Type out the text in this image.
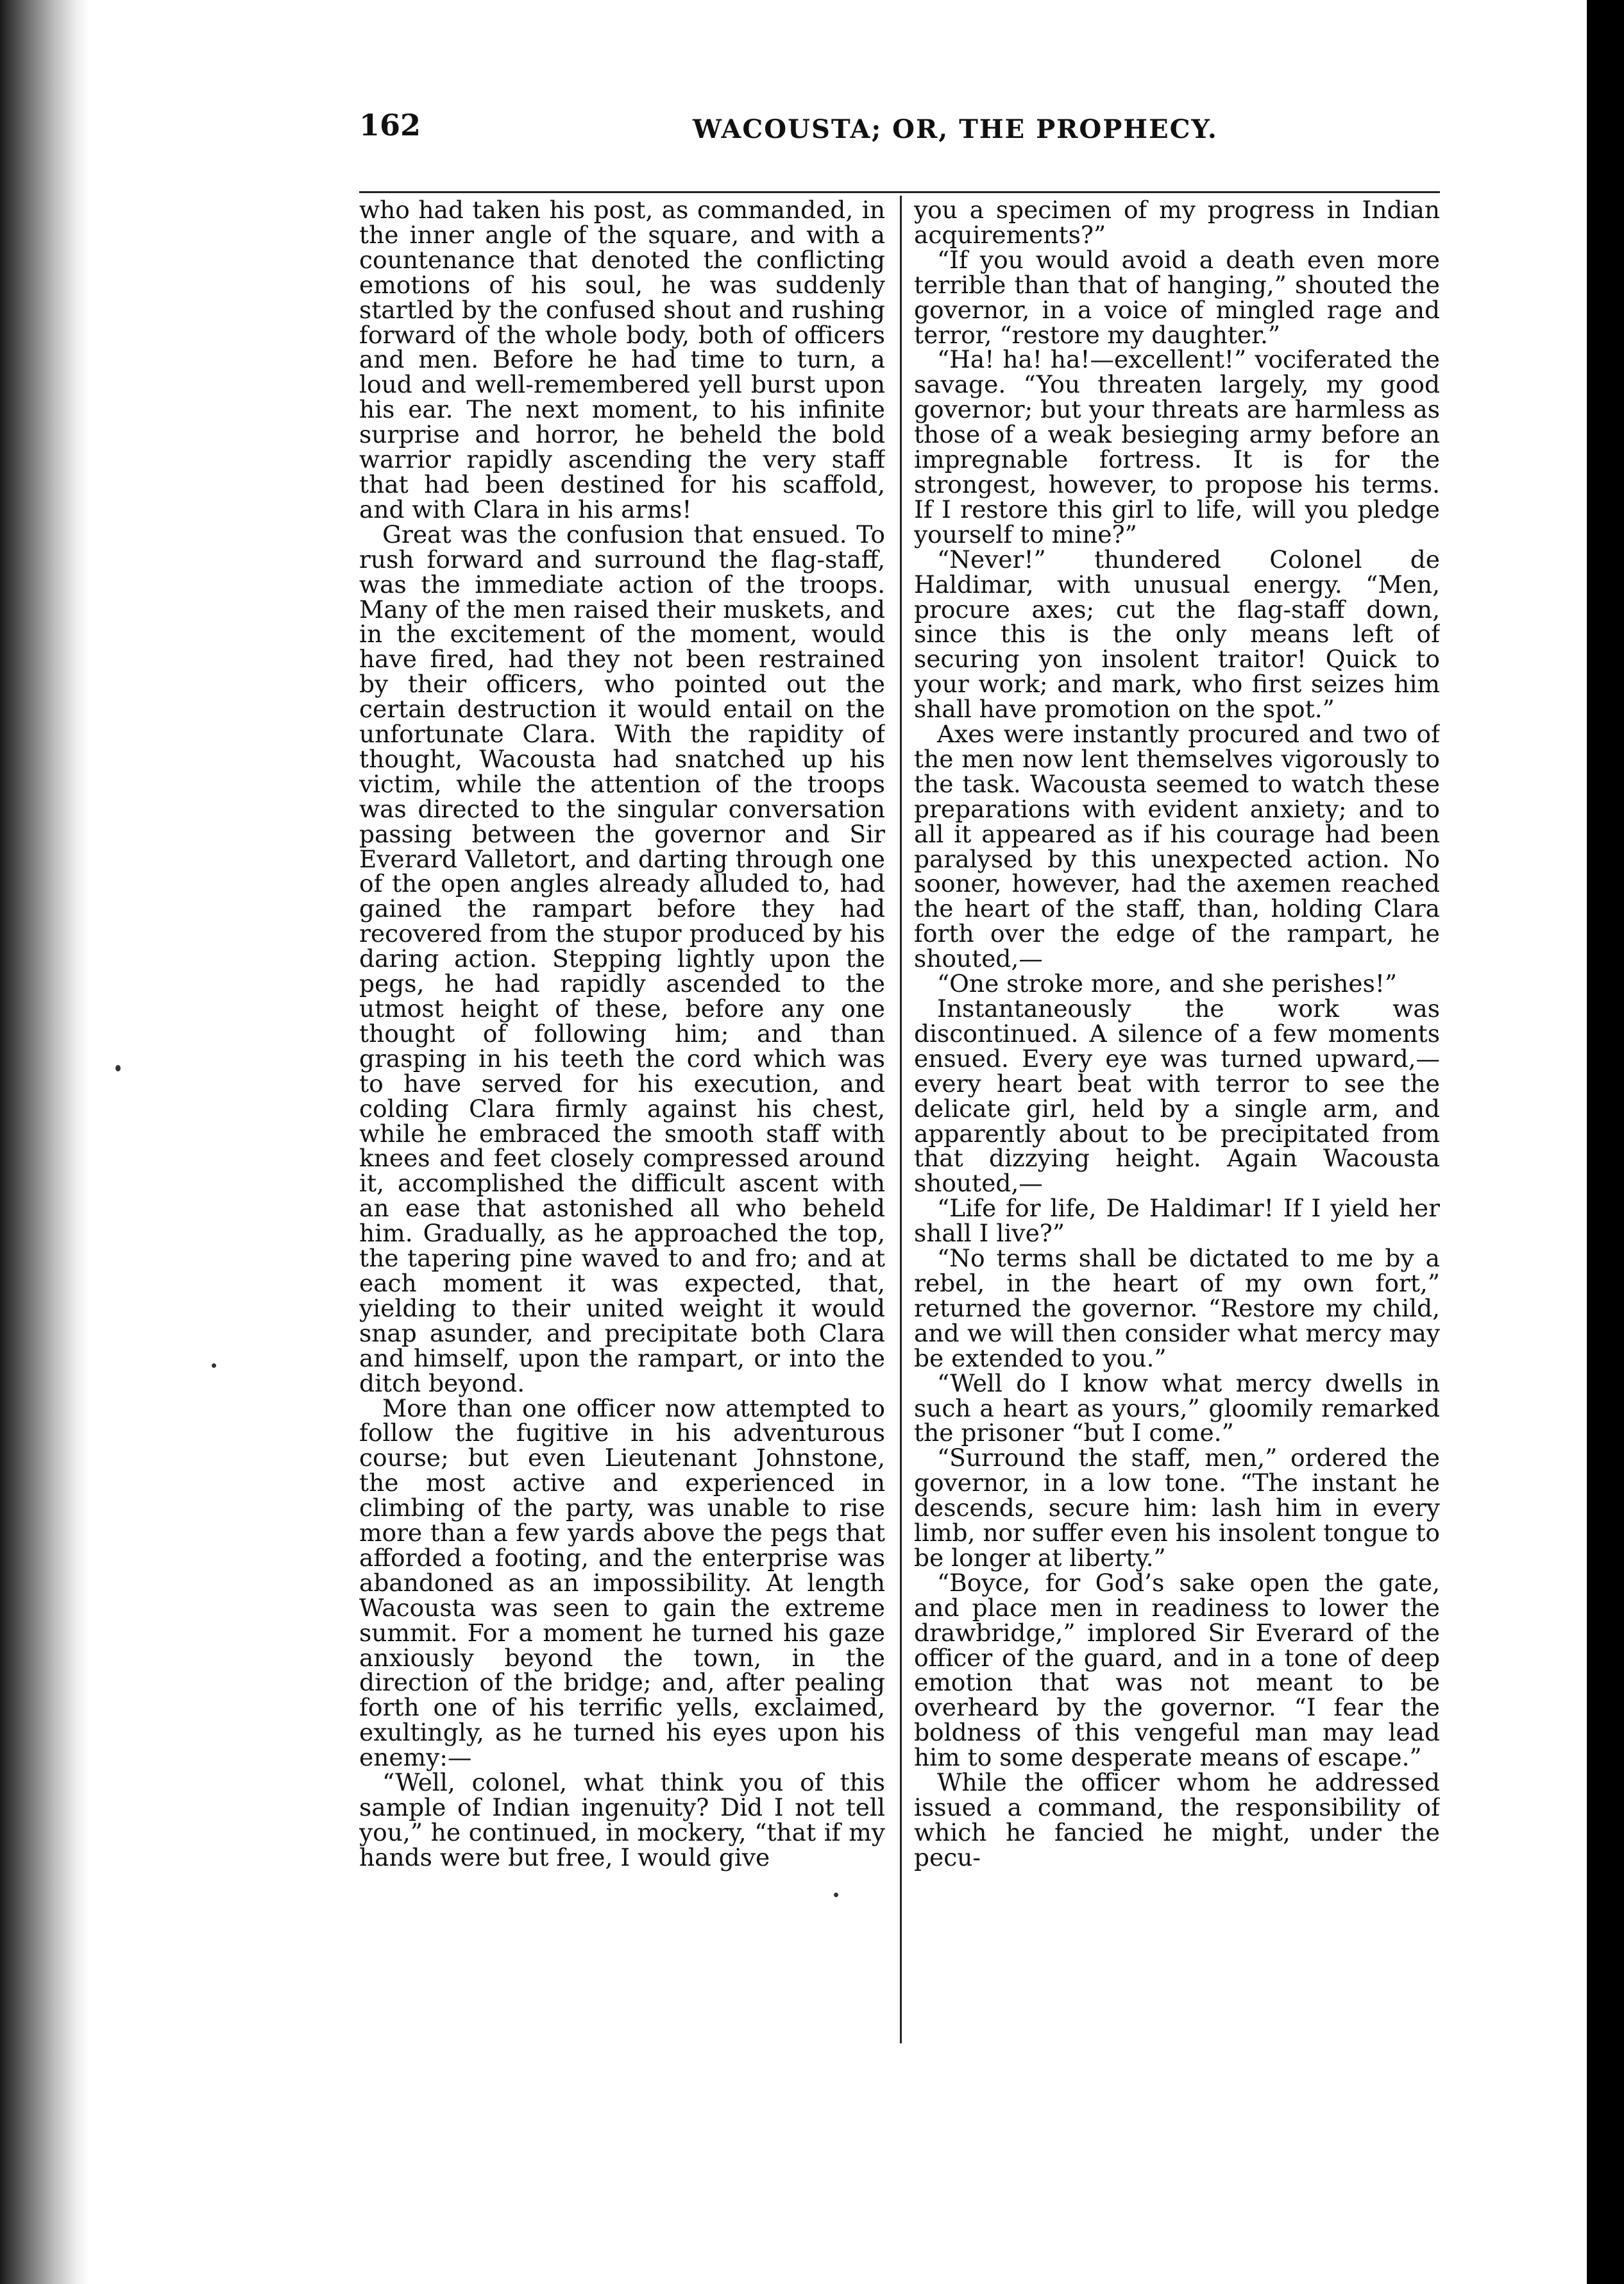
162	WACOUSTA; OR, THE PROPHECY.

who had taken his post, as commanded, in the inner angle of the square, and with a countenance that denoted the conflicting emotions of his soul, he was suddenly startled by the confused shout and rushing forward of the whole body, both of officers and men. Before he had time to turn, a loud and well-remembered yell burst upon his ear. The next moment, to his infinite surprise and horror, he beheld the bold warrior rapidly ascending the very staff that had been destined for his scaffold, and with Clara in his arms!

Great was the confusion that ensued. To rush forward and surround the flag-staff, was the immediate action of the troops. Many of the men raised their muskets, and in the excitement of the moment, would have fired, had they not been restrained by their officers, who pointed out the certain destruction it would entail on the unfortunate Clara. With the rapidity of thought, Wacousta had snatched up his victim, while the attention of the troops was directed to the singular conversation passing between the governor and Sir Everard Valletort, and darting through one of the open angles already alluded to, had gained the rampart before they had recovered from the stupor produced by his daring action. Stepping lightly upon the pegs, he had rapidly ascended to the utmost height of these, before any one thought of following him; and than grasping in his teeth the cord which was to have served for his execution, and colding Clara firmly against his chest, while he embraced the smooth staff with knees and feet closely compressed around it, accomplished the difficult ascent with an ease that astonished all who beheld him. Gradually, as he approached the top, the tapering pine waved to and fro; and at each moment it was expected, that, yielding to their united weight it would snap asunder, and precipitate both Clara and himself, upon the rampart, or into the ditch beyond.

More than one officer now attempted to follow the fugitive in his adventurous course; but even Lieutenant Johnstone, the most active and experienced in climbing of the party, was unable to rise more than a few yards above the pegs that afforded a footing, and the enterprise was abandoned as an impossibility. At length Wacousta was seen to gain the extreme summit. For a moment he turned his gaze anxiously beyond the town, in the direction of the bridge; and, after pealing forth one of his terrific yells, exclaimed, exultingly, as he turned his eyes upon his enemy:—

“Well, colonel, what think you of this sample of Indian ingenuity? Did I not tell you,” he continued, in mockery, “that if my hands were but free, I would give

you a specimen of my progress in Indian acquirements?”

“If you would avoid a death even more terrible than that of hanging,” shouted the governor, in a voice of mingled rage and terror, “restore my daughter.”

“Ha! ha! ha!—excellent!” vociferated the savage. “You threaten largely, my good governor; but your threats are harmless as those of a weak besieging army before an impregnable fortress. It is for the strongest, however, to propose his terms. If I restore this girl to life, will you pledge yourself to mine?”

“Never!” thundered Colonel de Haldimar, with unusual energy. “Men, procure axes; cut the flag-staff down, since this is the only means left of securing yon insolent traitor! Quick to your work; and mark, who first seizes him shall have promotion on the spot.”

Axes were instantly procured and two of the men now lent themselves vigorously to the task. Wacousta seemed to watch these preparations with evident anxiety; and to all it appeared as if his courage had been paralysed by this unexpected action. No sooner, however, had the axemen reached the heart of the staff, than, holding Clara forth over the edge of the rampart, he shouted,—

“One stroke more, and she perishes!”

Instantaneously the work was discontinued. A silence of a few moments ensued. Every eye was turned upward,—every heart beat with terror to see the delicate girl, held by a single arm, and apparently about to be precipitated from that dizzying height. Again Wacousta shouted,—

“Life for life, De Haldimar! If I yield her shall I live?”

“No terms shall be dictated to me by a rebel, in the heart of my own fort,” returned the governor. “Restore my child, and we will then consider what mercy may be extended to you.”

“Well do I know what mercy dwells in such a heart as yours,” gloomily remarked the prisoner “but I come.”

“Surround the staff, men,” ordered the governor, in a low tone. “The instant he descends, secure him: lash him in every limb, nor suffer even his insolent tongue to be longer at liberty.”

“Boyce, for God’s sake open the gate, and place men in readiness to lower the drawbridge,” implored Sir Everard of the officer of the guard, and in a tone of deep emotion that was not meant to be overheard by the governor. “I fear the boldness of this vengeful man may lead him to some desperate means of escape.”

While the officer whom he addressed issued a command, the responsibility of which he fancied he might, under the pecu-
